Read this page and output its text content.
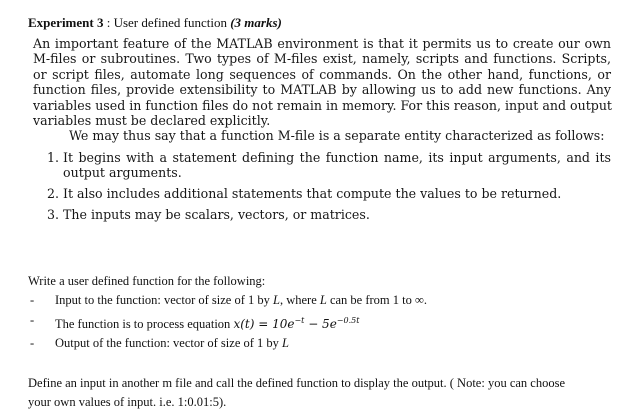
Experiment 3 : User defined function (3 marks)

An important feature of the MATLAB environment is that it permits us to create our own
M-files or subroutines. Two types of M-files exist, namely, scripts and functions. Scripts,
or script files, automate long sequences of commands. On the other hand, functions, or
function files, provide extensibility to MATLAB by allowing us to add new functions. Any
variables used in function files do not remain in memory. For this reason, input and output
variables must be declared explicitly.

We may thus say that a function M-file is a separate entity characterized as follows:

1. It begins with a statement defining the function name, its input arguments, and its
output arguments.
2. It also includes additional statements that compute the values to be returned.
3. The inputs may be scalars, vectors, or matrices.

Write a user defined function for the following:

- Input to the function: vector of size of 1 by L, where L can be from 1 to ∞.
- The function is to process equation $x(t) = 10e^{-t} - 5e^{-0.5t}$
- Output of the function: vector of size of 1 by L
Define an input in another m file and call the defined function to display the output. ( Note: you can choose
your own values of input. i.e. 1:0.01:5).
